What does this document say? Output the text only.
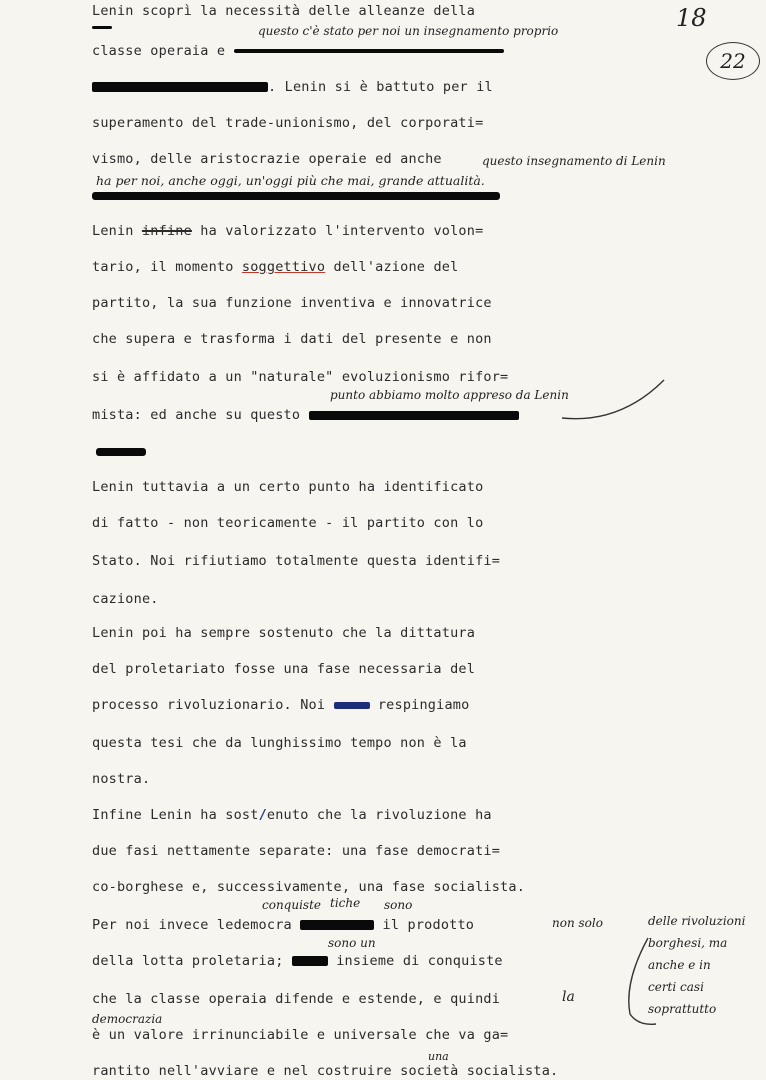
18
22
Lenin scoprì la necessità delle alleanze della
questo c'è stato per noi un insegnamento proprio
classe operaia e
. Lenin si è battuto per il
superamento del trade-unionismo, del corporati=
vismo, delle aristocrazie operaie ed anche	questo insegnamento di Lenin
ha per noi, anche oggi, un'oggi più che mai, grande attualità.
Lenin infine ha valorizzato l'intervento volon=
tario, il momento soggettivo dell'azione del
partito, la sua funzione inventiva e innovatrice
che supera e trasforma i dati del presente e non
si è affidato a un "naturale" evoluzionismo rifor=
punto abbiamo molto appreso da Lenin
mista: ed anche su questo
Lenin tuttavia a un certo punto ha identificato
di fatto - non teoricamente - il partito con lo
Stato. Noi rifiutiamo totalmente questa identifi=
cazione.
Lenin poi ha sempre sostenuto che la dittatura
del proletariato fosse una fase necessaria del
processo rivoluzionario. Noi	respingiamo
questa tesi che da lunghissimo tempo non è la
nostra.
Infine Lenin ha sost/enuto che la rivoluzione ha
due fasi nettamente separate: una fase democrati=
co-borghese e, successivamente, una fase socialista.
conquiste tiche sono
Per noi invece ledemocra	il prodotto	non solo
sono un
della lotta proletaria;	insieme di conquiste
che la classe operaia difende e estende, e quindi	la
democrazia
è un valore irrinunciabile e universale che va ga=
una
rantito nell'avviare e nel costruire società socialista.
delle rivoluzioni
borghesi, ma
anche e in
certi casi
soprattutto
